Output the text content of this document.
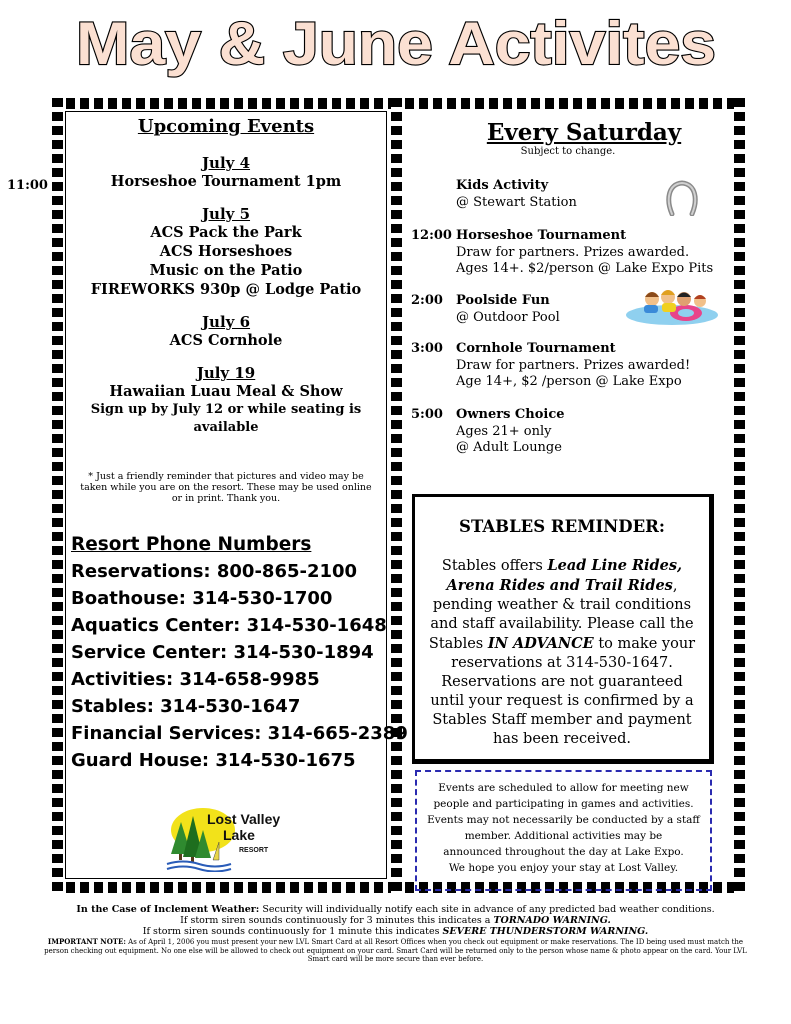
May & June Activites
Upcoming Events
July 4
Horseshoe Tournament 1pm
July 5
ACS Pack the Park
ACS Horseshoes
Music on the Patio
FIREWORKS 930p @ Lodge Patio
July 6
ACS Cornhole
July 19
Hawaiian Luau Meal & Show
Sign up by July 12 or while seating is available
* Just a friendly reminder that pictures and video may be taken while you are on the resort. These may be used online or in print. Thank you.
Resort Phone Numbers
Reservations: 800-865-2100
Boathouse: 314-530-1700
Aquatics Center: 314-530-1648
Service Center: 314-530-1894
Activities: 314-658-9985
Stables: 314-530-1647
Financial Services: 314-665-2389
Guard House: 314-530-1675
Lost Valley
Lake
RESORT
Every Saturday
Subject to change.
11:00	Kids Activity
@ Stewart Station
12:00 Horseshoe Tournament
Draw for partners. Prizes awarded.
Ages 14+. $2/person @ Lake Expo Pits
2:00	Poolside Fun
@ Outdoor Pool
3:00	Cornhole Tournament
Draw for partners. Prizes awarded!
Age 14+, $2 /person @ Lake Expo
5:00	Owners Choice
Ages 21+ only
@ Adult Lounge
STABLES REMINDER:
Stables offers Lead Line Rides, Arena Rides and Trail Rides, pending weather & trail conditions and staff availability. Please call the Stables IN ADVANCE to make your reservations at 314-530-1647. Reservations are not guaranteed until your request is confirmed by a Stables Staff member and payment has been received.
Events are scheduled to allow for meeting new
people and participating in games and activities.
Events may not necessarily be conducted by a staff
member. Additional activities may be
announced throughout the day at Lake Expo.
We hope you enjoy your stay at Lost Valley.
In the Case of Inclement Weather: Security will individually notify each site in advance of any predicted bad weather conditions.
If storm siren sounds continuously for 3 minutes this indicates a TORNADO WARNING.
If storm siren sounds continuously for 1 minute this indicates SEVERE THUNDERSTORM WARNING.
IMPORTANT NOTE: As of April 1, 2006 you must present your new LVL Smart Card at all Resort Offices when you check out equipment or make reservations. The ID being used must match the person checking out equipment. No one else will be allowed to check out equipment on your card. Smart Card will be returned only to the person whose name & photo appear on the card. Your LVL Smart card will be more secure than ever before.
